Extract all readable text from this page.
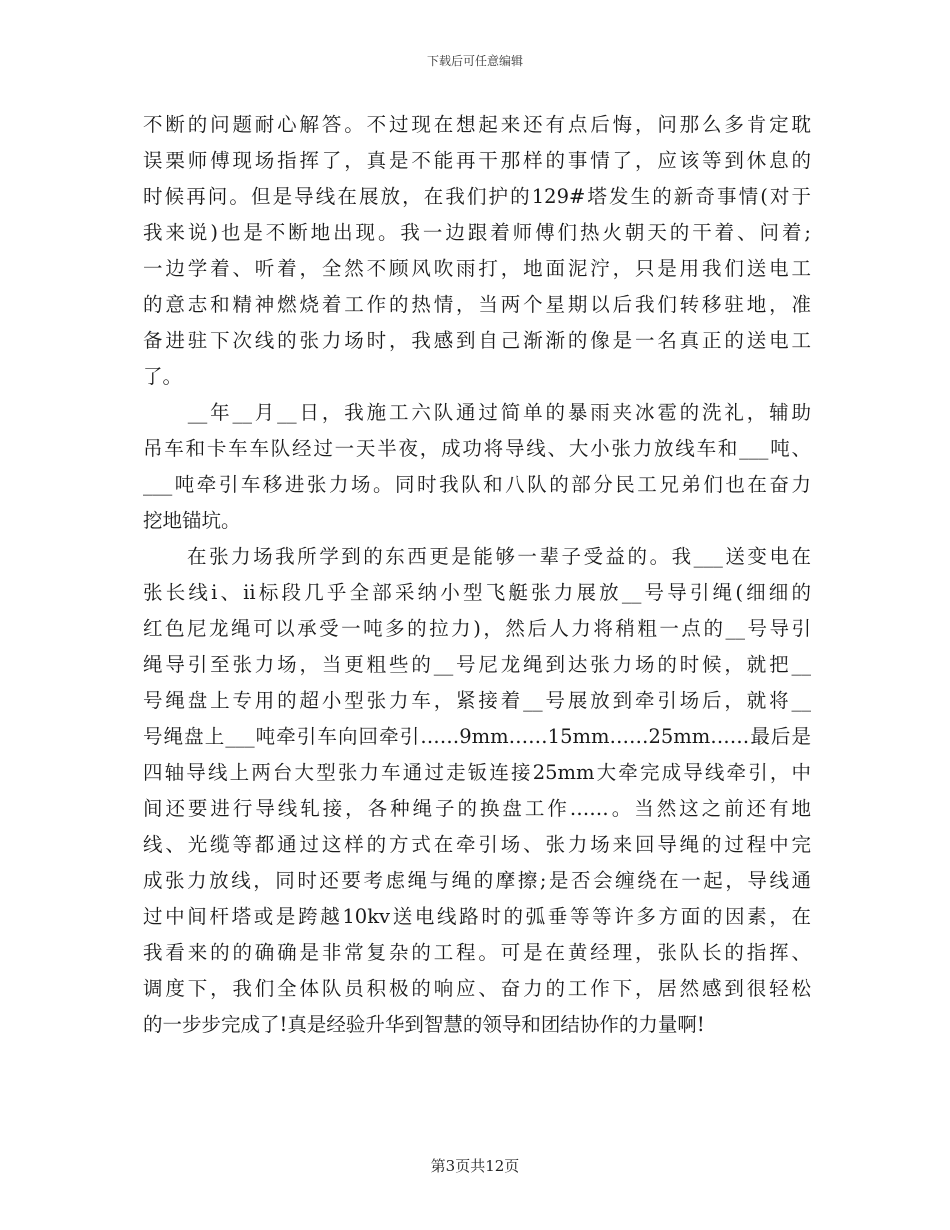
下载后可任意编辑
不断的问题耐心解答。不过现在想起来还有点后悔，问那么多肯定耽
误栗师傅现场指挥了，真是不能再干那样的事情了，应该等到休息的
时候再问。但是导线在展放，在我们护的129#塔发生的新奇事情(对于
我来说)也是不断地出现。我一边跟着师傅们热火朝天的干着、问着;
一边学着、听着，全然不顾风吹雨打，地面泥泞，只是用我们送电工
的意志和精神燃烧着工作的热情，当两个星期以后我们转移驻地，准
备进驻下次线的张力场时，我感到自己渐渐的像是一名真正的送电工
了。
　　__年__月__日，我施工六队通过简单的暴雨夹冰雹的洗礼，辅助
吊车和卡车车队经过一天半夜，成功将导线、大小张力放线车和___吨、
___吨牵引车移进张力场。同时我队和八队的部分民工兄弟们也在奋力
挖地锚坑。
　　在张力场我所学到的东西更是能够一辈子受益的。我___送变电在
张长线ⅰ、ⅱ标段几乎全部采纳小型飞艇张力展放__号导引绳(细细的
红色尼龙绳可以承受一吨多的拉力)，然后人力将稍粗一点的__号导引
绳导引至张力场，当更粗些的__号尼龙绳到达张力场的时候，就把__
号绳盘上专用的超小型张力车，紧接着__号展放到牵引场后，就将__
号绳盘上___吨牵引车向回牵引……9mm……15mm……25mm……最后是
四轴导线上两台大型张力车通过走钣连接25mm大牵完成导线牵引，中
间还要进行导线轧接，各种绳子的换盘工作……。当然这之前还有地
线、光缆等都通过这样的方式在牵引场、张力场来回导绳的过程中完
成张力放线，同时还要考虑绳与绳的摩擦;是否会缠绕在一起，导线通
过中间杆塔或是跨越10kv送电线路时的弧垂等等许多方面的因素，在
我看来的的确确是非常复杂的工程。可是在黄经理，张队长的指挥、
调度下，我们全体队员积极的响应、奋力的工作下，居然感到很轻松
的一步步完成了!真是经验升华到智慧的领导和团结协作的力量啊!
第3页共12页
